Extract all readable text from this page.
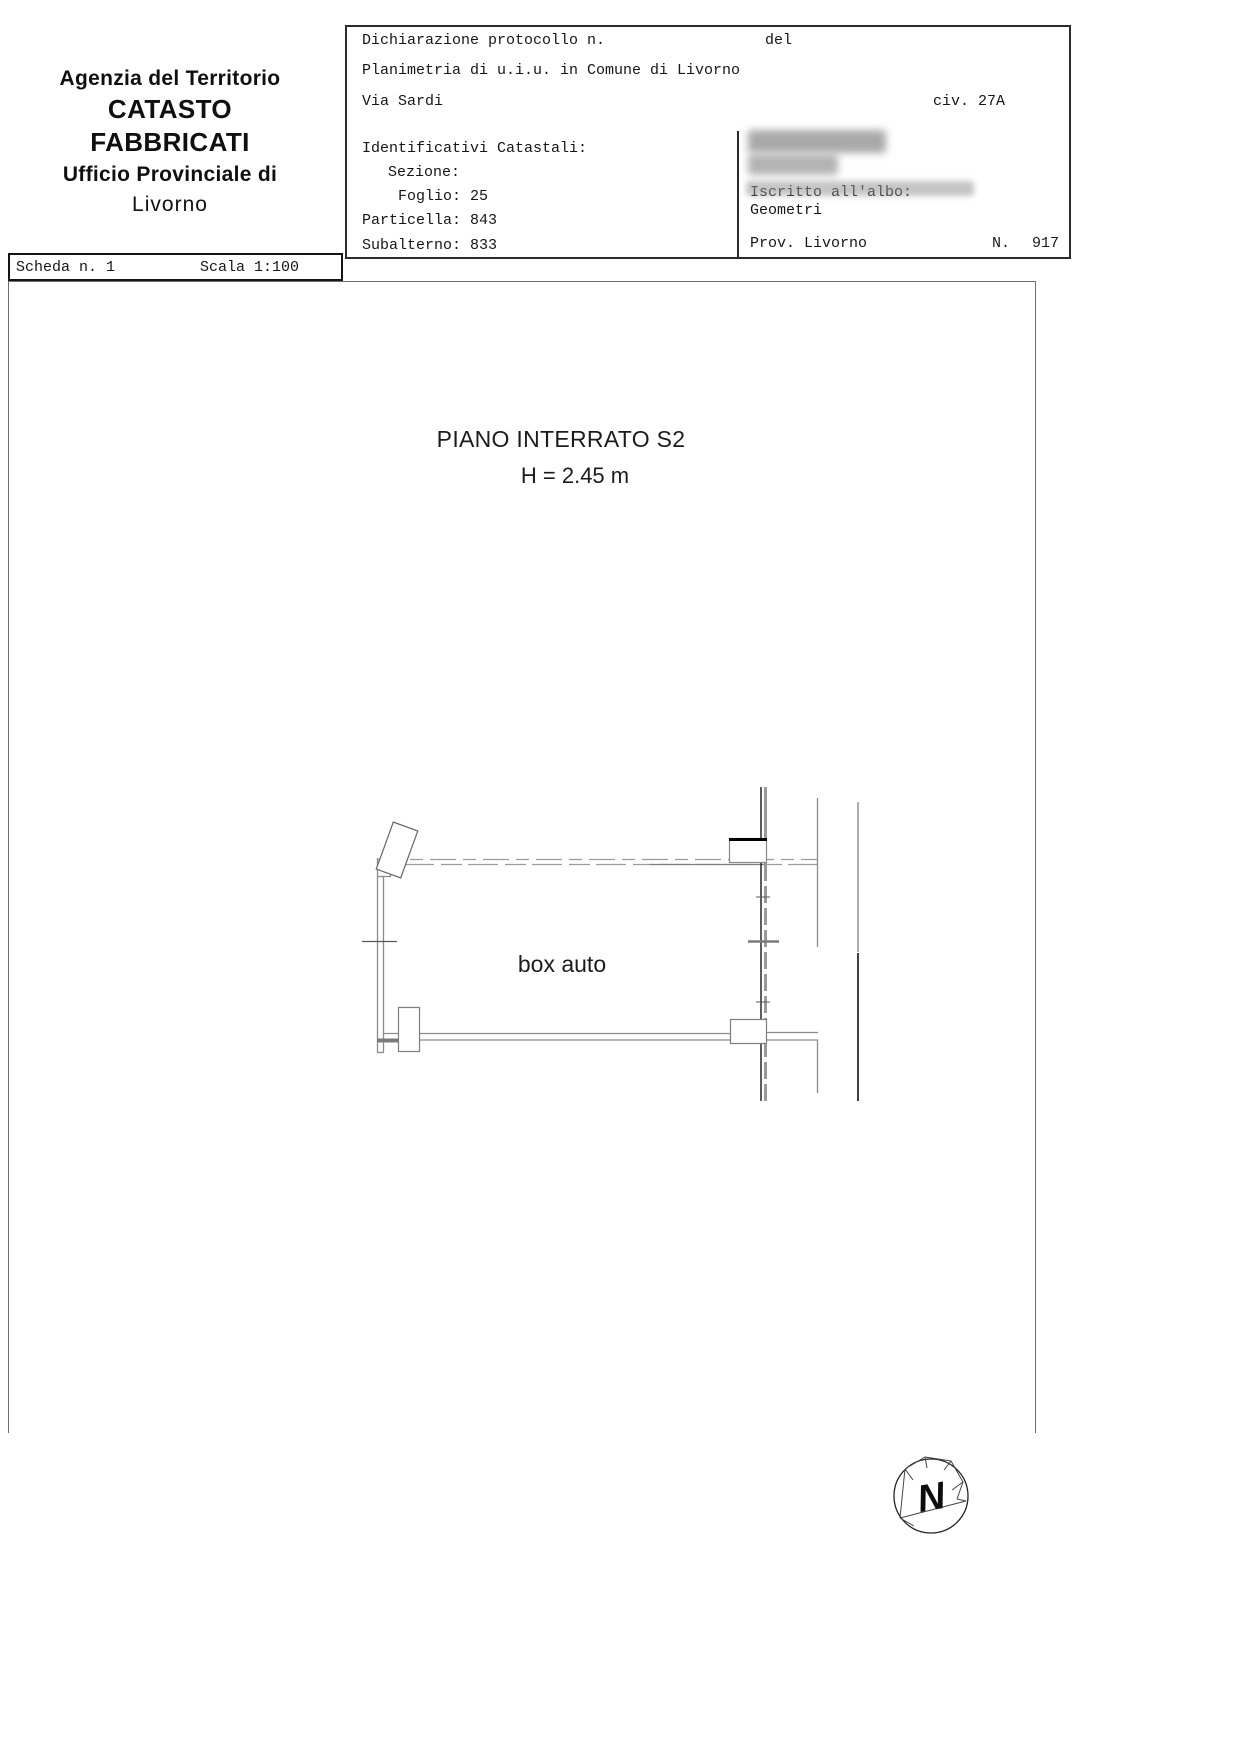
Agenzia del Territorio
CATASTO FABBRICATI
Ufficio Provinciale di
Livorno
Dichiarazione protocollo n.	del
Planimetria di u.i.u. in Comune di Livorno
Via Sardi	civ. 27A
Identificativi Catastali:
Sezione:
Foglio: 25
Particella: 843
Subalterno: 833
Geometri
Prov. Livorno	N. 917
Scheda n. 1	Scala 1:100
PIANO INTERRATO S2
H = 2.45 m
box auto
N
